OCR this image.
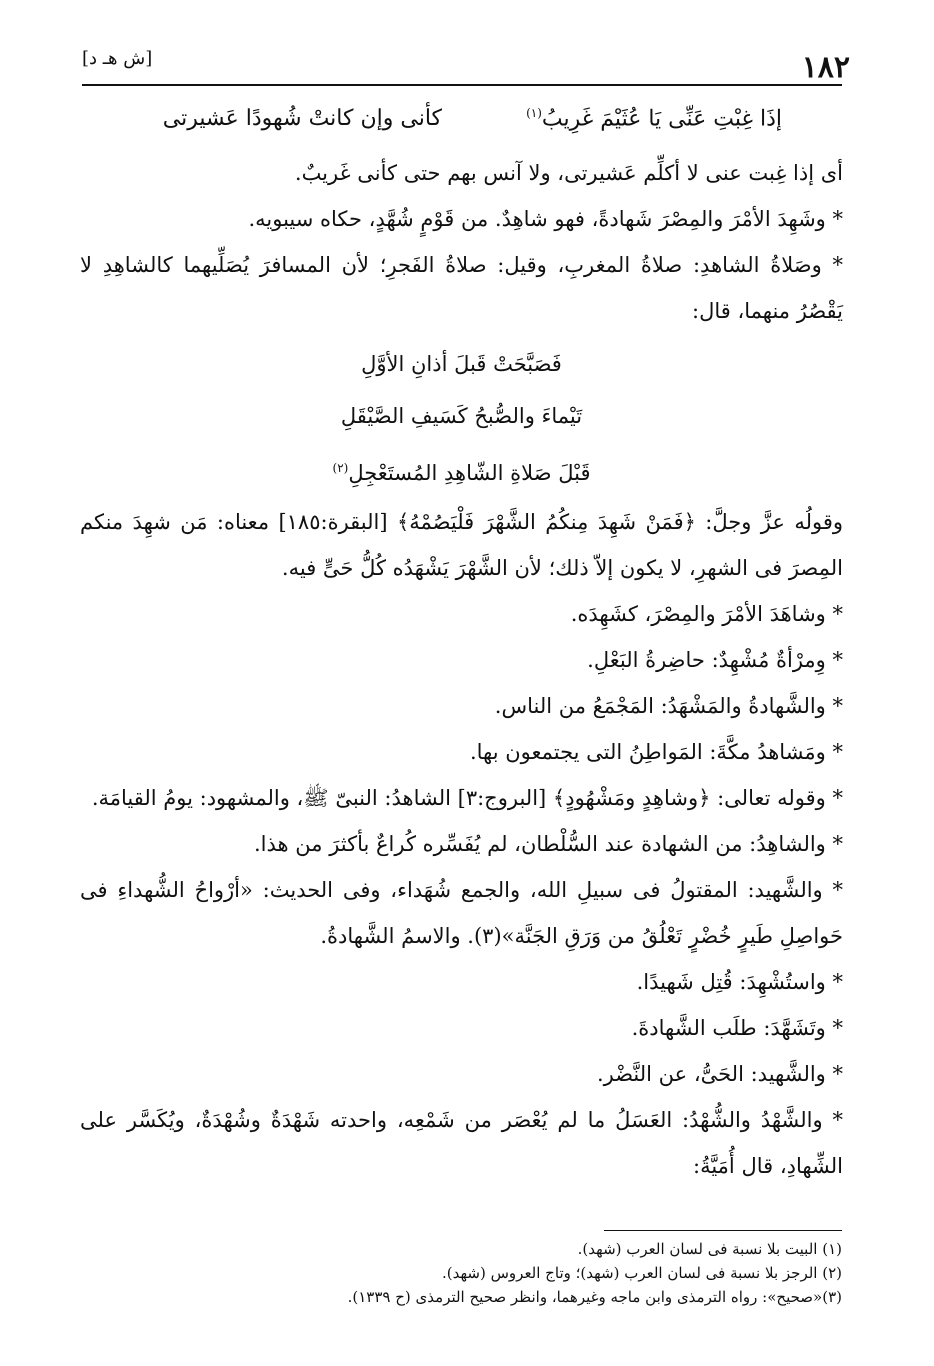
١٨٢
[ش هـ د]
إذَا غِبْتِ عَنِّى يَا عُثَيْمَ غَرِيبُ$^{(١)}$
كأنى وإن كانتْ شُهودًا عَشيرتى

أى إذا غِبت عنى لا أكلِّم عَشيرتى، ولا آنس بهم حتى كأنى غَريبٌ.

* وشَهِدَ الأمْرَ والمِصْرَ شَهادةً، فهو شاهِدٌ. من قَوْمٍ شُهَّدٍ، حكاه سيبويه.

* وصَلاةُ الشاهدِ: صلاةُ المغربِ، وقيل: صلاةُ الفَجرِ؛ لأن المسافرَ يُصَلِّيهما كالشاهِدِ لا يَقْصُرُ منهما، قال:

فَصَبَّحَتْ قَبلَ أذانِ الأوَّلِ
تَيْماءَ والصُّبحُ كَسَيفِ الصَّيْقَلِ
قَبْلَ صَلاةِ الشّاهِدِ المُستَعْجِلِ$^{(٢)}$

وقولُه عزَّ وجلَّ: ﴿فَمَنْ شَهِدَ مِنكُمُ الشَّهْرَ فَلْيَصُمْهُ﴾ [البقرة:١٨٥] معناه: مَن شهِدَ منكم المِصرَ فى الشهرِ، لا يكون إلاّ ذلك؛ لأن الشَّهْرَ يَشْهَدُه كُلُّ حَىٍّ فيه.

* وشاهَدَ الأمْرَ والمِصْرَ، كشَهِدَه.

* وِمرْأةٌ مُشْهِدٌ: حاضِرةُ البَعْلِ.

* والشَّهادةُ والمَشْهَدُ: المَجْمَعُ من الناس.

* ومَشاهدُ مكَّةَ: المَواطِنُ التى يجتمعون بها.

* وقوله تعالى: ﴿وشاهِدٍ ومَشْهُودٍ﴾ [البروج:٣] الشاهدُ: النبىّ ﷺ، والمشهود: يومُ القيامَة.

* والشاهِدُ: من الشهادة عند السُّلْطان، لم يُفَسِّره كُراعٌ بأكثرَ من هذا.

* والشَّهيد: المقتولُ فى سبيلِ الله، والجمع شُهَداء، وفى الحديث: «أرْواحُ الشُّهداءِ فى حَواصِلِ طَيرٍ خُضْرٍ تَعْلُقُ من وَرَقِ الجَنَّة»(٣). والاسمُ الشَّهادةُ.

* واستُشْهِدَ: قُتِل شَهيدًا.

* وتَشَهَّدَ: طلَب الشَّهادةَ.

* والشَّهيد: الحَىُّ، عن النَّضْر.

* والشَّهْدُ والشُّهْدُ: العَسَلُ ما لم يُعْصَر من شَمْعِه، واحدته شَهْدَةٌ وشُهْدَةٌ، ويُكَسَّر على الشِّهادِ، قال أُمَيَّةُ:

(١) البيت بلا نسبة فى لسان العرب (شهد).
(٢) الرجز بلا نسبة فى لسان العرب (شهد)؛ وتاج العروس (شهد).
(٣)«صحيح»: رواه الترمذى وابن ماجه وغيرهما، وانظر صحيح الترمذى (ح ١٣٣٩).
